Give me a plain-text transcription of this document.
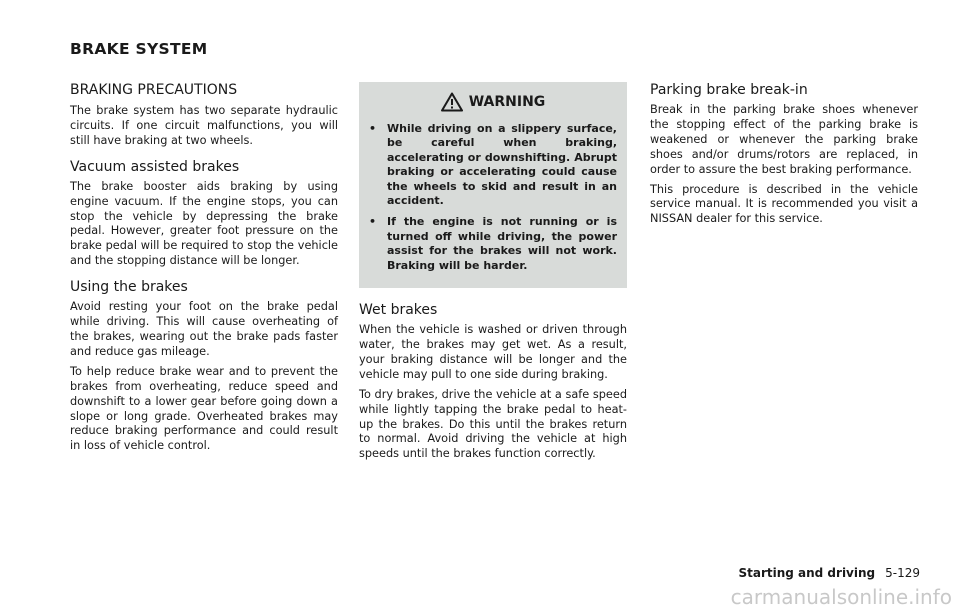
BRAKE SYSTEM
BRAKING PRECAUTIONS

The brake system has two separate hydraulic circuits. If one circuit malfunctions, you will still have braking at two wheels.

Vacuum assisted brakes

The brake booster aids braking by using engine vacuum. If the engine stops, you can stop the vehicle by depressing the brake pedal. However, greater foot pressure on the brake pedal will be required to stop the vehicle and the stopping distance will be longer.

Using the brakes

Avoid resting your foot on the brake pedal while driving. This will cause overheating of the brakes, wearing out the brake pads faster and reduce gas mileage.

To help reduce brake wear and to prevent the brakes from overheating, reduce speed and downshift to a lower gear before going down a slope or long grade. Overheated brakes may reduce braking performance and could result in loss of vehicle control.

WARNING
• While driving on a slippery surface, be careful when braking, accelerating or downshifting. Abrupt braking or accelerating could cause the wheels to skid and result in an accident.
• If the engine is not running or is turned off while driving, the power assist for the brakes will not work. Braking will be harder.
Wet brakes

When the vehicle is washed or driven through water, the brakes may get wet. As a result, your braking distance will be longer and the vehicle may pull to one side during braking.

To dry brakes, drive the vehicle at a safe speed while lightly tapping the brake pedal to heat-up the brakes. Do this until the brakes return to normal. Avoid driving the vehicle at high speeds until the brakes function correctly.

Parking brake break-in

Break in the parking brake shoes whenever the stopping effect of the parking brake is weakened or whenever the parking brake shoes and/or drums/rotors are replaced, in order to assure the best braking performance.

This procedure is described in the vehicle service manual. It is recommended you visit a NISSAN dealer for this service.

Starting and driving 5-129
carmanualsonline.info
